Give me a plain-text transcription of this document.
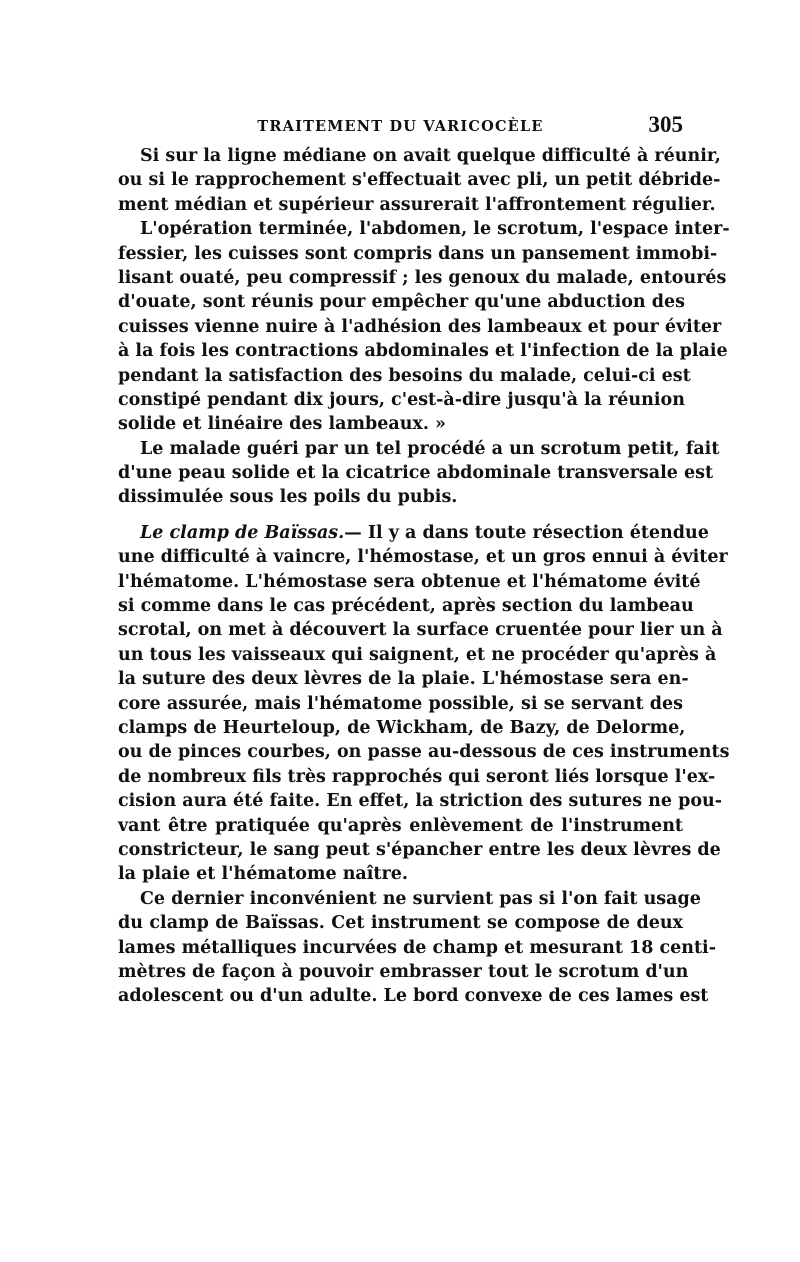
TRAITEMENT DU VARICOCÈLE	305
Si sur la ligne médiane on avait quelque difficulté à réunir,
ou si le rapprochement s'effectuait avec pli, un petit débride-
ment médian et supérieur assurerait l'affrontement régulier.
L'opération terminée, l'abdomen, le scrotum, l'espace inter-
fessier, les cuisses sont compris dans un pansement immobi-
lisant ouaté, peu compressif ; les genoux du malade, entourés
d'ouate, sont réunis pour empêcher qu'une abduction des
cuisses vienne nuire à l'adhésion des lambeaux et pour éviter
à la fois les contractions abdominales et l'infection de la plaie
pendant la satisfaction des besoins du malade, celui-ci est
constipé pendant dix jours, c'est-à-dire jusqu'à la réunion
solide et linéaire des lambeaux. »
Le malade guéri par un tel procédé a un scrotum petit, fait
d'une peau solide et la cicatrice abdominale transversale est
dissimulée sous les poils du pubis.
Le clamp de Baïssas.— Il y a dans toute résection étendue
une difficulté à vaincre, l'hémostase, et un gros ennui à éviter
l'hématome. L'hémostase sera obtenue et l'hématome évité
si comme dans le cas précédent, après section du lambeau
scrotal, on met à découvert la surface cruentée pour lier un à
un tous les vaisseaux qui saignent, et ne procéder qu'après à
la suture des deux lèvres de la plaie. L'hémostase sera en-
core assurée, mais l'hématome possible, si se servant des
clamps de Heurteloup, de Wickham, de Bazy, de Delorme,
ou de pinces courbes, on passe au-dessous de ces instruments
de nombreux fils très rapprochés qui seront liés lorsque l'ex-
cision aura été faite. En effet, la striction des sutures ne pou-
vant être pratiquée qu'après enlèvement de l'instrument
constricteur, le sang peut s'épancher entre les deux lèvres de
la plaie et l'hématome naître.
Ce dernier inconvénient ne survient pas si l'on fait usage
du clamp de Baïssas. Cet instrument se compose de deux
lames métalliques incurvées de champ et mesurant 18 centi-
mètres de façon à pouvoir embrasser tout le scrotum d'un
adolescent ou d'un adulte. Le bord convexe de ces lames est
